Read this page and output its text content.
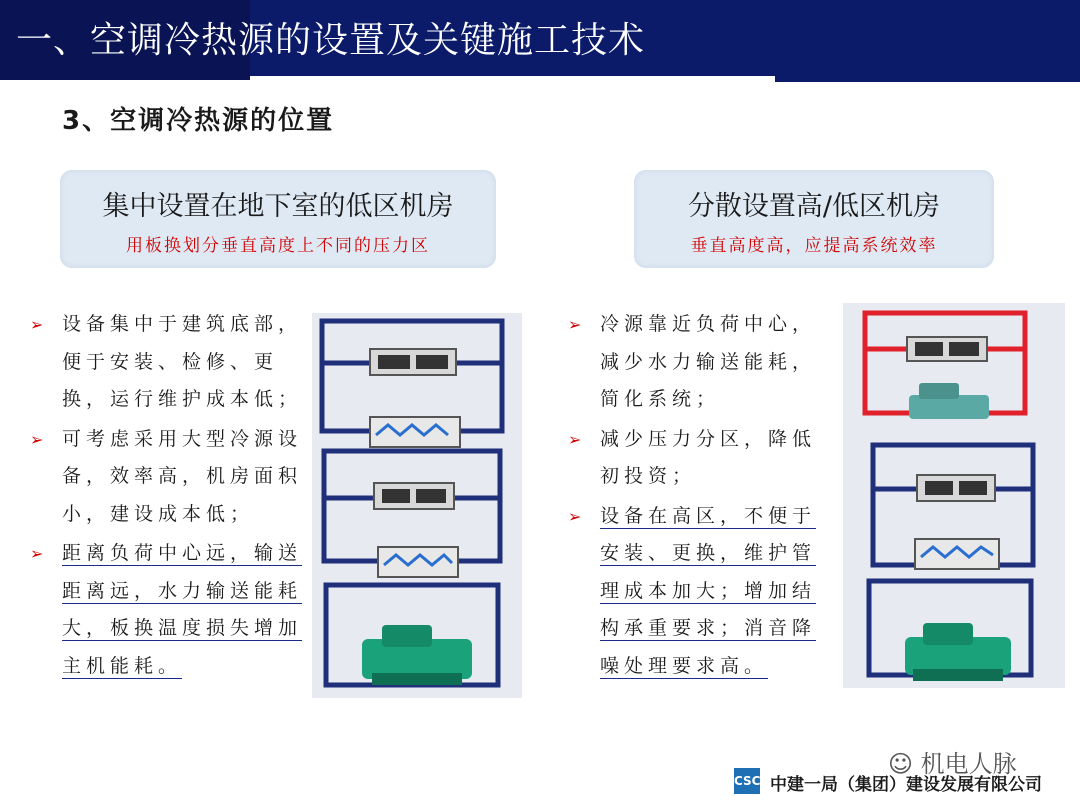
一、空调冷热源的设置及关键施工技术
3、空调冷热源的位置
集中设置在地下室的低区机房
用板换划分垂直高度上不同的压力区
分散设置高/低区机房
垂直高度高，应提高系统效率
➢ 设备集中于建筑底部，便于安装、检修、更换，运行维护成本低；
➢ 可考虑采用大型冷源设备，效率高，机房面积小，建设成本低；
➢ 距离负荷中心远，输送距离远，水力输送能耗大，板换温度损失增加主机能耗。
➢ 冷源靠近负荷中心，减少水力输送能耗，简化系统；
➢ 减少压力分区，降低初投资；
➢ 设备在高区，不便于安装、更换，维护管理成本加大；增加结构承重要求；消音降噪处理要求高。
☺ 机电人脉
CSCEC
中建一局（集团）建设发展有限公司
